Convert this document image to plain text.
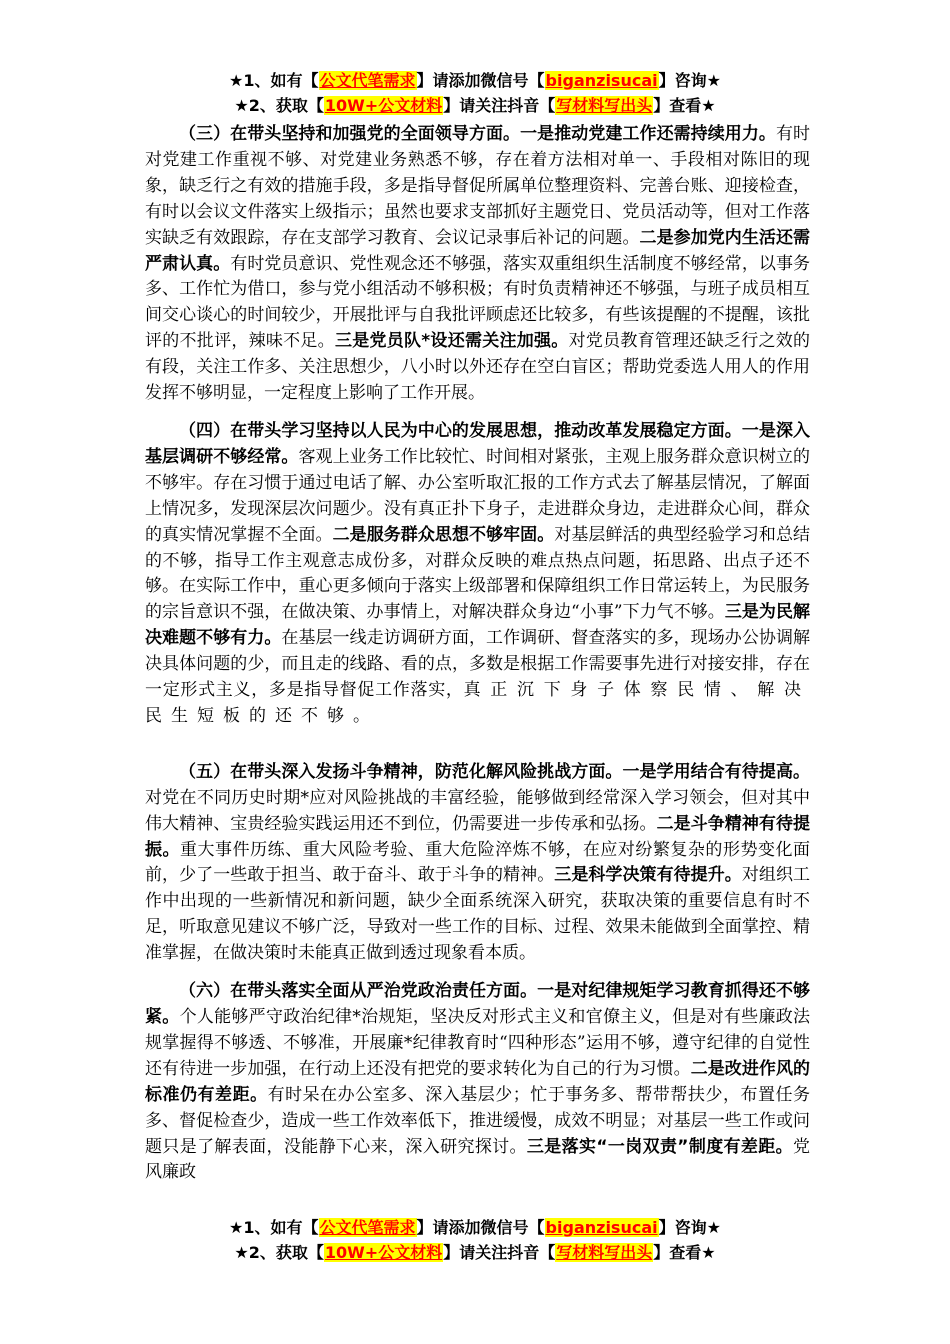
★1、如有【公文代笔需求】请添加微信号【biganzisucai】咨询★
★2、获取【10W+公文材料】请关注抖音【写材料写出头】查看★

（三）在带头坚持和加强党的全面领导方面。一是推动党建工作还需持续用力。有时对党建工作重视不够、对党建业务熟悉不够，存在着方法相对单一、手段相对陈旧的现象，缺乏行之有效的措施手段，多是指导督促所属单位整理资料、完善台账、迎接检查，有时以会议文件落实上级指示；虽然也要求支部抓好主题党日、党员活动等，但对工作落实缺乏有效跟踪，存在支部学习教育、会议记录事后补记的问题。二是参加党内生活还需严肃认真。有时党员意识、党性观念还不够强，落实双重组织生活制度不够经常，以事务多、工作忙为借口，参与党小组活动不够积极；有时负责精神还不够强，与班子成员相互间交心谈心的时间较少，开展批评与自我批评顾虑还比较多，有些该提醒的不提醒，该批评的不批评，辣味不足。三是党员队*设还需关注加强。对党员教育管理还缺乏行之效的有段，关注工作多、关注思想少，八小时以外还存在空白盲区；帮助党委选人用人的作用发挥不够明显，一定程度上影响了工作开展。

（四）在带头学习坚持以人民为中心的发展思想，推动改革发展稳定方面。一是深入基层调研不够经常。客观上业务工作比较忙、时间相对紧张，主观上服务群众意识树立的不够牢。存在习惯于通过电话了解、办公室听取汇报的工作方式去了解基层情况，了解面上情况多，发现深层次问题少。没有真正扑下身子，走进群众身边，走进群众心间，群众的真实情况掌握不全面。二是服务群众思想不够牢固。对基层鲜活的典型经验学习和总结的不够，指导工作主观意志成份多，对群众反映的难点热点问题，拓思路、出点子还不够。在实际工作中，重心更多倾向于落实上级部署和保障组织工作日常运转上，为民服务的宗旨意识不强，在做决策、办事情上，对解决群众身边“小事”下力气不够。三是为民解决难题不够有力。在基层一线走访调研方面，工作调研、督查落实的多，现场办公协调解决具体问题的少，而且走的线路、看的点，多数是根据工作需要事先进行对接安排，存在一定形式主义，多是指导督促工作落实，真正沉下身子体察民情、解决民生短板的还不够。

（五）在带头深入发扬斗争精神，防范化解风险挑战方面。一是学用结合有待提高。对党在不同历史时期*应对风险挑战的丰富经验，能够做到经常深入学习领会，但对其中伟大精神、宝贵经验实践运用还不到位，仍需要进一步传承和弘扬。二是斗争精神有待提振。重大事件历练、重大风险考验、重大危险淬炼不够，在应对纷繁复杂的形势变化面前，少了一些敢于担当、敢于奋斗、敢于斗争的精神。三是科学决策有待提升。对组织工作中出现的一些新情况和新问题，缺少全面系统深入研究，获取决策的重要信息有时不足，听取意见建议不够广泛，导致对一些工作的目标、过程、效果未能做到全面掌控、精准掌握，在做决策时未能真正做到透过现象看本质。

（六）在带头落实全面从严治党政治责任方面。一是对纪律规矩学习教育抓得还不够紧。个人能够严守政治纪律*治规矩，坚决反对形式主义和官僚主义，但是对有些廉政法规掌握得不够透、不够准，开展廉*纪律教育时“四种形态”运用不够，遵守纪律的自觉性还有待进一步加强，在行动上还没有把党的要求转化为自己的行为习惯。二是改进作风的标准仍有差距。有时呆在办公室多、深入基层少；忙于事务多、帮带帮扶少，布置任务多、督促检查少，造成一些工作效率低下，推进缓慢，成效不明显；对基层一些工作或问题只是了解表面，没能静下心来，深入研究探讨。三是落实“一岗双责”制度有差距。党风廉政

★1、如有【公文代笔需求】请添加微信号【biganzisucai】咨询★
★2、获取【10W+公文材料】请关注抖音【写材料写出头】查看★
